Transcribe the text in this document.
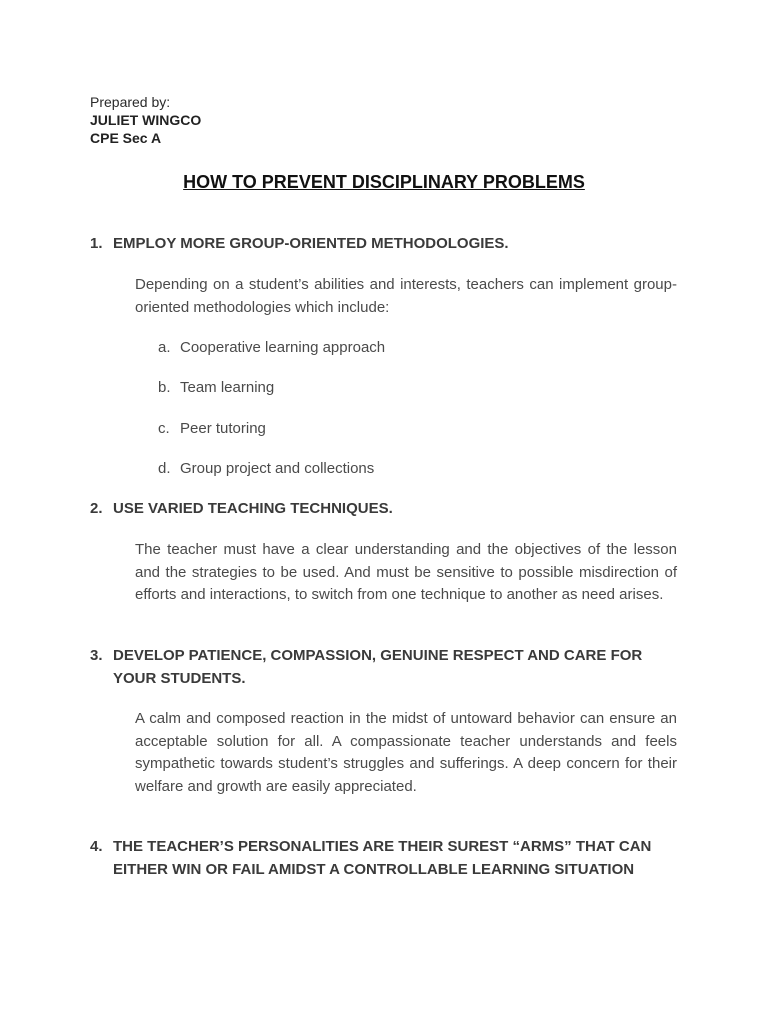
Prepared by:
JULIET WINGCO
CPE Sec A
HOW TO PREVENT DISCIPLINARY PROBLEMS
1. EMPLOY MORE GROUP-ORIENTED METHODOLOGIES.
Depending on a student’s abilities and interests, teachers can implement group-oriented methodologies which include:
a. Cooperative learning approach
b. Team learning
c. Peer tutoring
d. Group project and collections
2. USE VARIED TEACHING TECHNIQUES.
The teacher must have a clear understanding and the objectives of the lesson and the strategies to be used. And must be sensitive to possible misdirection of efforts and interactions, to switch from one technique to another as need arises.
3. DEVELOP PATIENCE, COMPASSION, GENUINE RESPECT AND CARE FOR YOUR STUDENTS.
A calm and composed reaction in the midst of untoward behavior can ensure an acceptable solution for all. A compassionate teacher understands and feels sympathetic towards student’s struggles and sufferings. A deep concern for their welfare and growth are easily appreciated.
4. THE TEACHER’S PERSONALITIES ARE THEIR SUREST “ARMS” THAT CAN EITHER WIN OR FAIL AMIDST A CONTROLLABLE LEARNING SITUATION
